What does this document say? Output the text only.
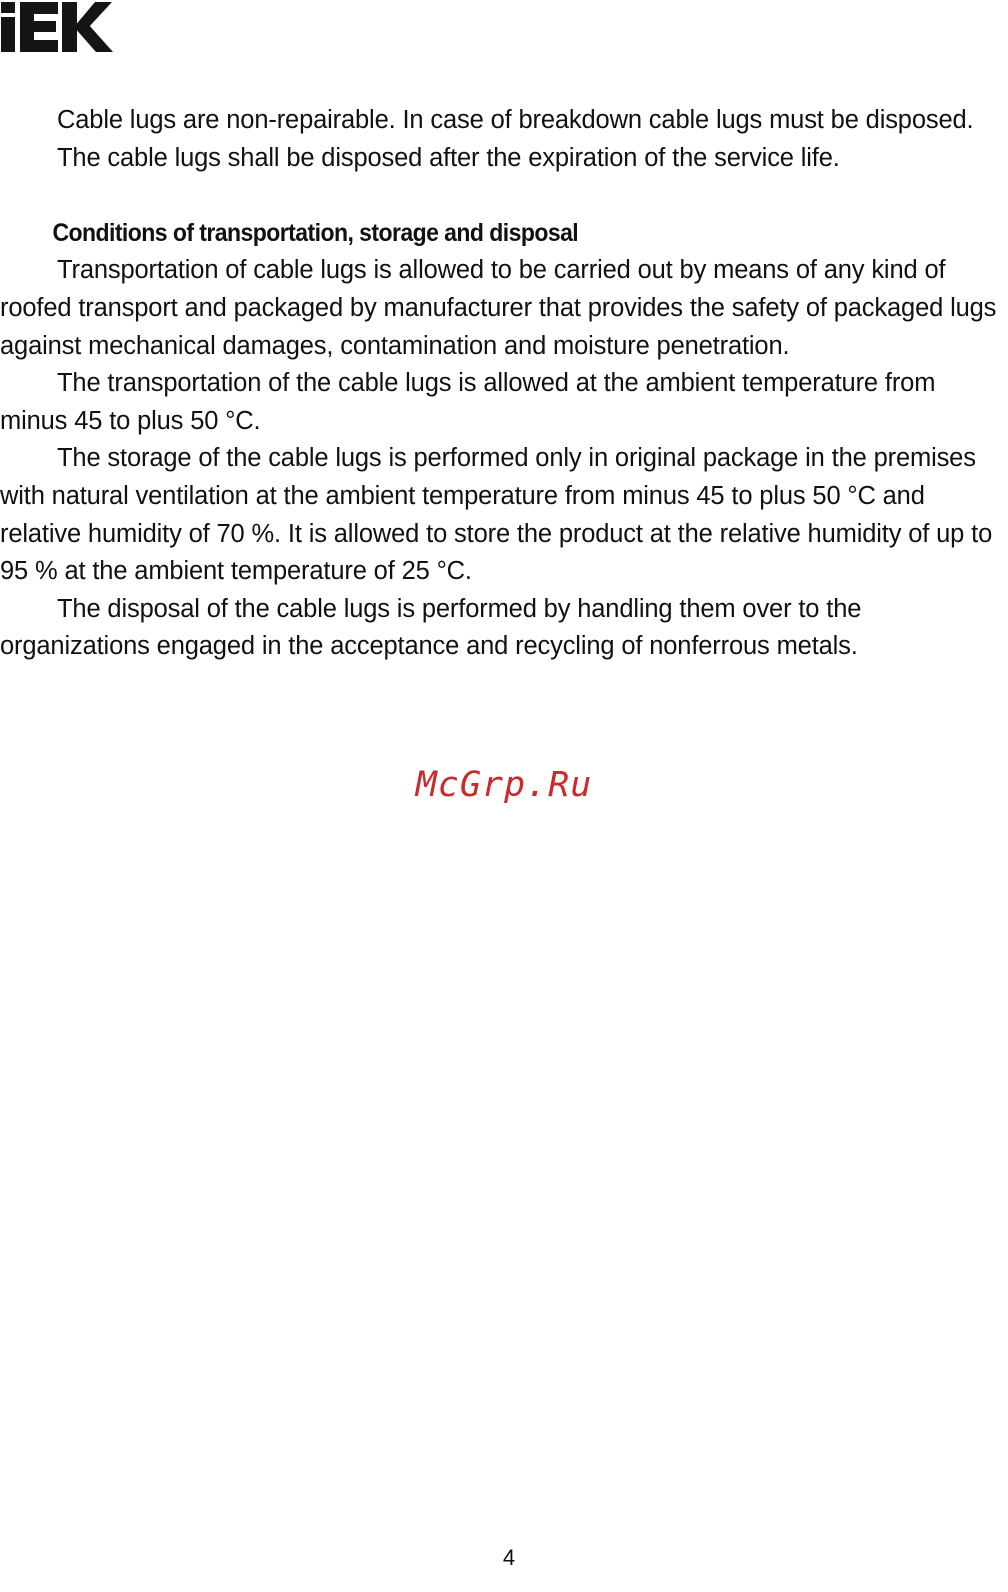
Cable lugs are non-repairable. In case of breakdown cable lugs must be disposed.

The cable lugs shall be disposed after the expiration of the service life.

Conditions of transportation, storage and disposal

Transportation of cable lugs is allowed to be carried out by means of any kind of roofed transport and packaged by manufacturer that provides the safety of packaged lugs against mechanical damages, contamination and moisture penetration.

The transportation of the cable lugs is allowed at the ambient temperature from minus 45 to plus 50 °C.

The storage of the cable lugs is performed only in original package in the premises with natural ventilation at the ambient temperature from minus 45 to plus 50 °C and relative humidity of 70 %. It is allowed to store the product at the relative humidity of up to 95 % at the ambient temperature of 25 °C.

The disposal of the cable lugs is performed by handling them over to the organizations engaged in the acceptance and recycling of nonferrous metals.

McGrp.Ru
4
